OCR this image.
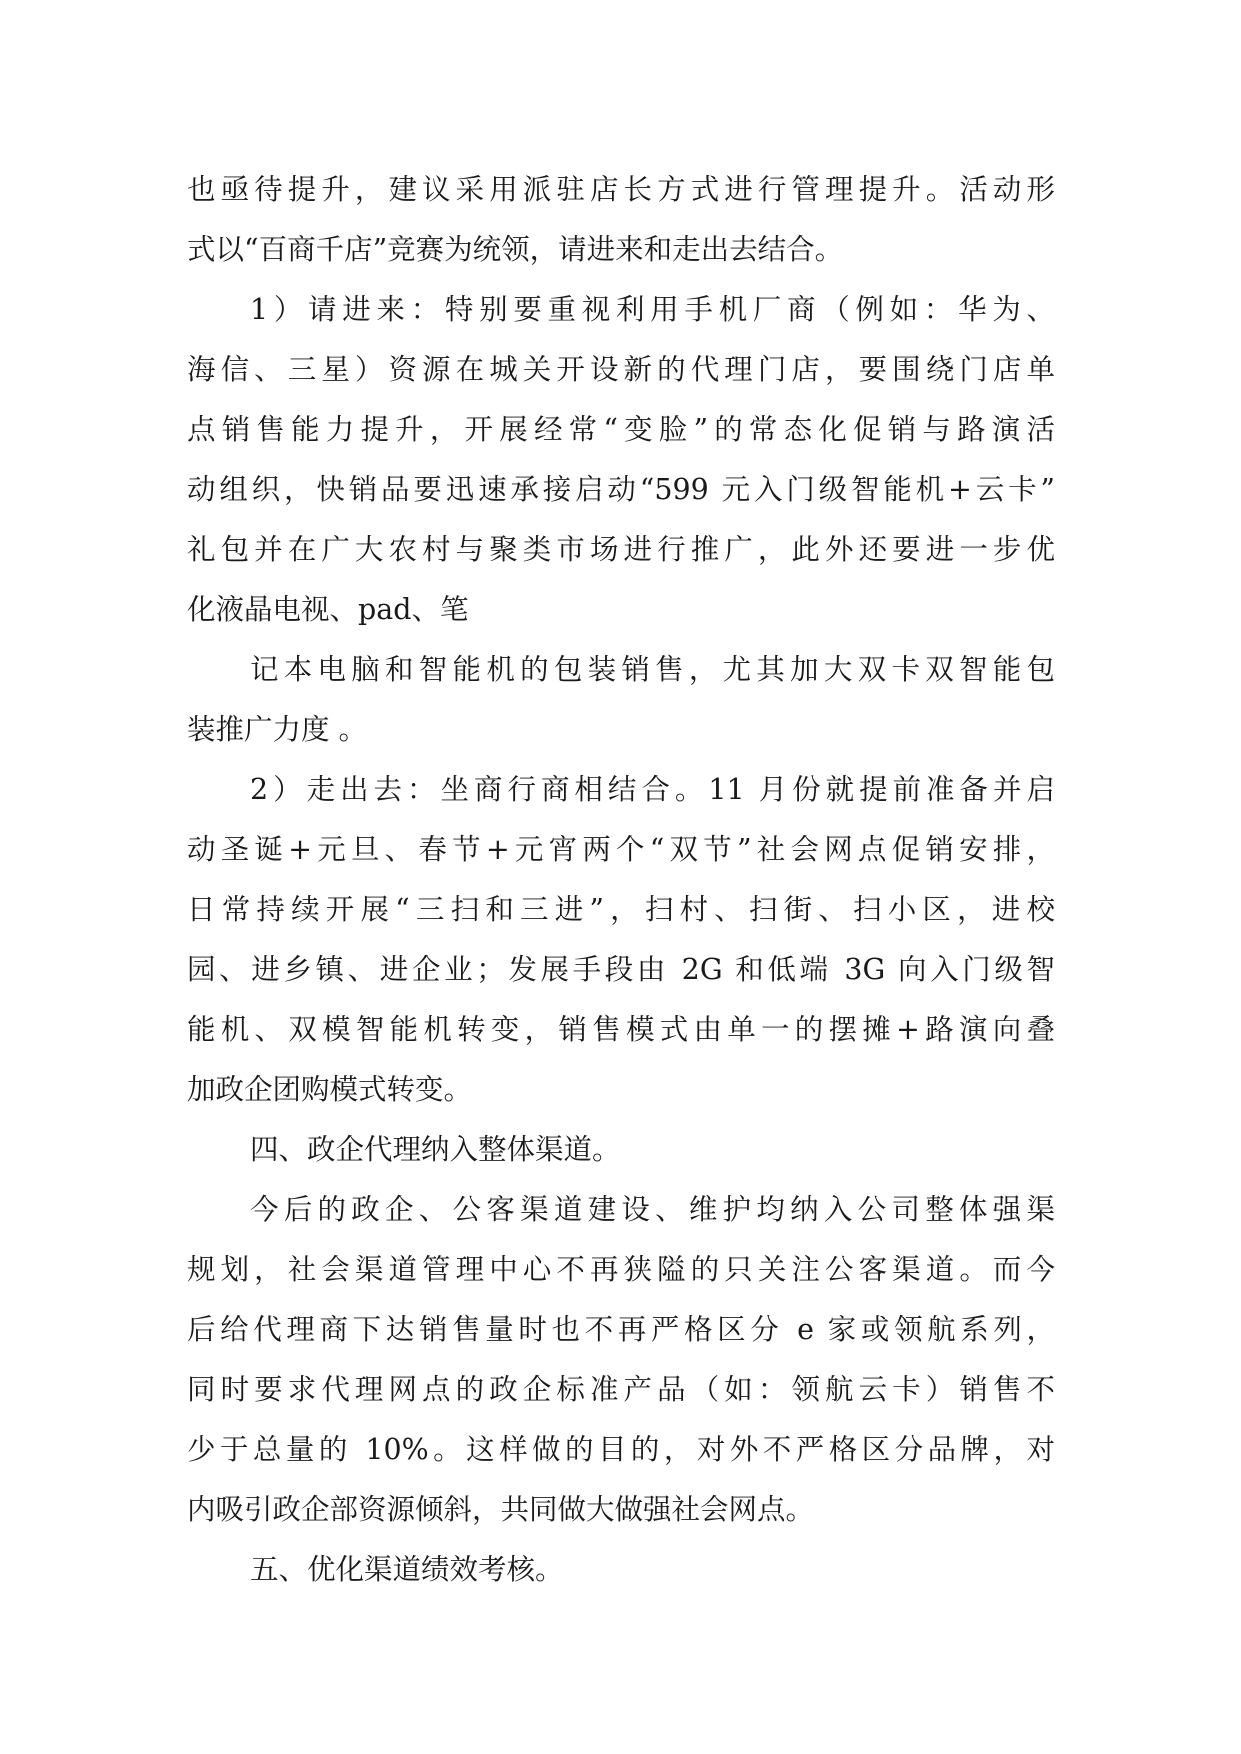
也亟待提升，建议采用派驻店长方式进行管理提升。活动形
式以“百商千店”竞赛为统领，请进来和走出去结合。
1）请进来：特别要重视利用手机厂商（例如：华为、
海信、三星）资源在城关开设新的代理门店，要围绕门店单
点销售能力提升，开展经常“变脸”的常态化促销与路演活
动组织，快销品要迅速承接启动“599 元入门级智能机+云卡”
礼包并在广大农村与聚类市场进行推广，此外还要进一步优
化液晶电视、pad、笔
记本电脑和智能机的包装销售，尤其加大双卡双智能包
装推广力度 。
2）走出去：坐商行商相结合。11 月份就提前准备并启
动圣诞+元旦、春节+元宵两个“双节”社会网点促销安排，
日常持续开展“三扫和三进”，扫村、扫街、扫小区，进校
园、进乡镇、进企业；发展手段由 2G 和低端 3G 向入门级智
能机、双模智能机转变，销售模式由单一的摆摊+路演向叠
加政企团购模式转变。
四、政企代理纳入整体渠道。
今后的政企、公客渠道建设、维护均纳入公司整体强渠
规划，社会渠道管理中心不再狭隘的只关注公客渠道。而今
后给代理商下达销售量时也不再严格区分 e 家或领航系列，
同时要求代理网点的政企标准产品（如：领航云卡）销售不
少于总量的 10%。这样做的目的，对外不严格区分品牌，对
内吸引政企部资源倾斜，共同做大做强社会网点。
五、优化渠道绩效考核。
